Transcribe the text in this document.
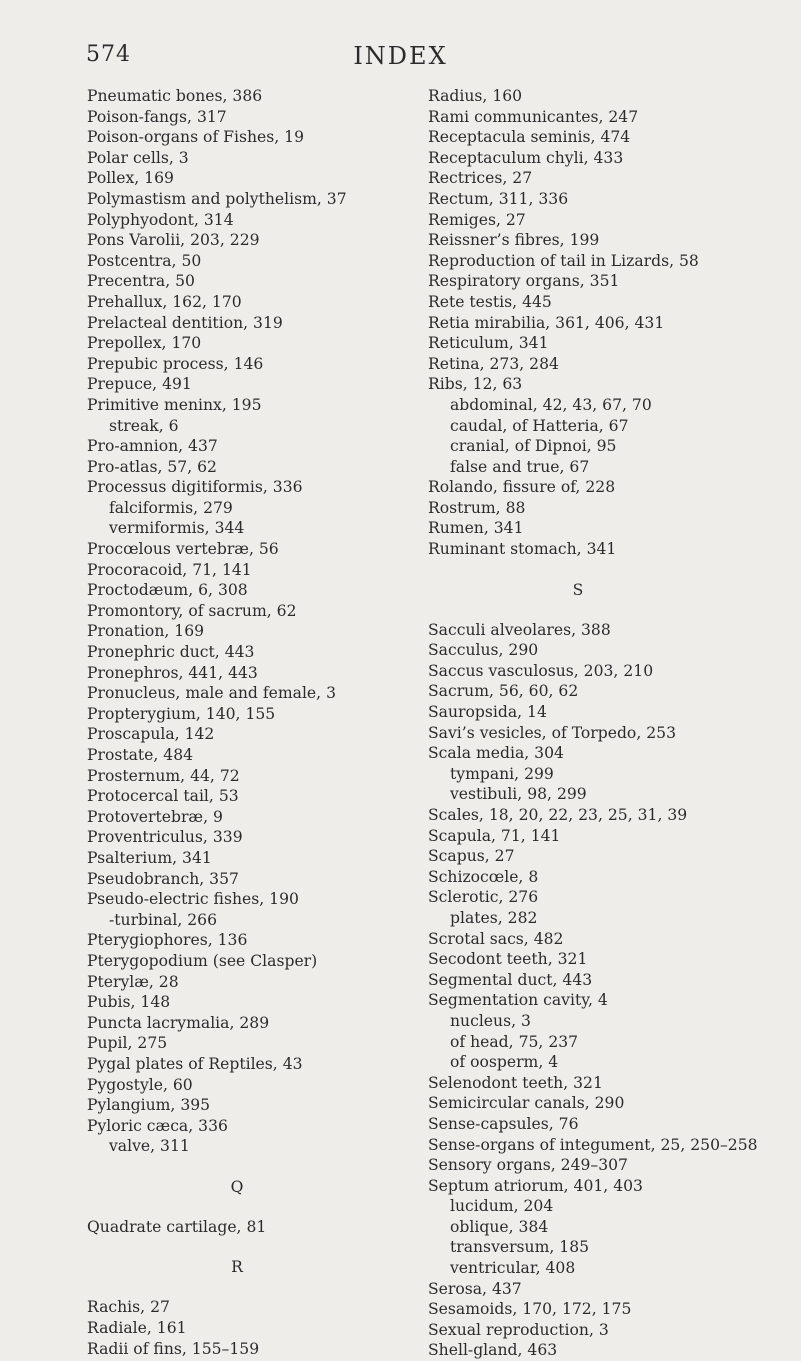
574	INDEX
Pneumatic bones, 386
Poison-fangs, 317
Poison-organs of Fishes, 19
Polar cells, 3
Pollex, 169
Polymastism and polythelism, 37
Polyphyodont, 314
Pons Varolii, 203, 229
Postcentra, 50
Precentra, 50
Prehallux, 162, 170
Prelacteal dentition, 319
Prepollex, 170
Prepubic process, 146
Prepuce, 491
Primitive meninx, 195
streak, 6
Pro-amnion, 437
Pro-atlas, 57, 62
Processus digitiformis, 336
falciformis, 279
vermiformis, 344
Procœlous vertebræ, 56
Procoracoid, 71, 141
Proctodæum, 6, 308
Promontory, of sacrum, 62
Pronation, 169
Pronephric duct, 443
Pronephros, 441, 443
Pronucleus, male and female, 3
Propterygium, 140, 155
Proscapula, 142
Prostate, 484
Prosternum, 44, 72
Protocercal tail, 53
Protovertebræ, 9
Proventriculus, 339
Psalterium, 341
Pseudobranch, 357
Pseudo-electric fishes, 190
-turbinal, 266
Pterygiophores, 136
Pterygopodium (see Clasper)
Pterylæ, 28
Pubis, 148
Puncta lacrymalia, 289
Pupil, 275
Pygal plates of Reptiles, 43
Pygostyle, 60
Pylangium, 395
Pyloric cæca, 336
valve, 311
Q
Quadrate cartilage, 81
R
Rachis, 27
Radiale, 161
Radii of fins, 155–159
Radius, 160
Rami communicantes, 247
Receptacula seminis, 474
Receptaculum chyli, 433
Rectrices, 27
Rectum, 311, 336
Remiges, 27
Reissner’s fibres, 199
Reproduction of tail in Lizards, 58
Respiratory organs, 351
Rete testis, 445
Retia mirabilia, 361, 406, 431
Reticulum, 341
Retina, 273, 284
Ribs, 12, 63
abdominal, 42, 43, 67, 70
caudal, of Hatteria, 67
cranial, of Dipnoi, 95
false and true, 67
Rolando, fissure of, 228
Rostrum, 88
Rumen, 341
Ruminant stomach, 341
S
Sacculi alveolares, 388
Sacculus, 290
Saccus vasculosus, 203, 210
Sacrum, 56, 60, 62
Sauropsida, 14
Savi’s vesicles, of Torpedo, 253
Scala media, 304
tympani, 299
vestibuli, 98, 299
Scales, 18, 20, 22, 23, 25, 31, 39
Scapula, 71, 141
Scapus, 27
Schizocœle, 8
Sclerotic, 276
plates, 282
Scrotal sacs, 482
Secodont teeth, 321
Segmental duct, 443
Segmentation cavity, 4
nucleus, 3
of head, 75, 237
of oosperm, 4
Selenodont teeth, 321
Semicircular canals, 290
Sense-capsules, 76
Sense-organs of integument, 25, 250–258
Sensory organs, 249–307
Septum atriorum, 401, 403
lucidum, 204
oblique, 384
transversum, 185
ventricular, 408
Serosa, 437
Sesamoids, 170, 172, 175
Sexual reproduction, 3
Shell-gland, 463
